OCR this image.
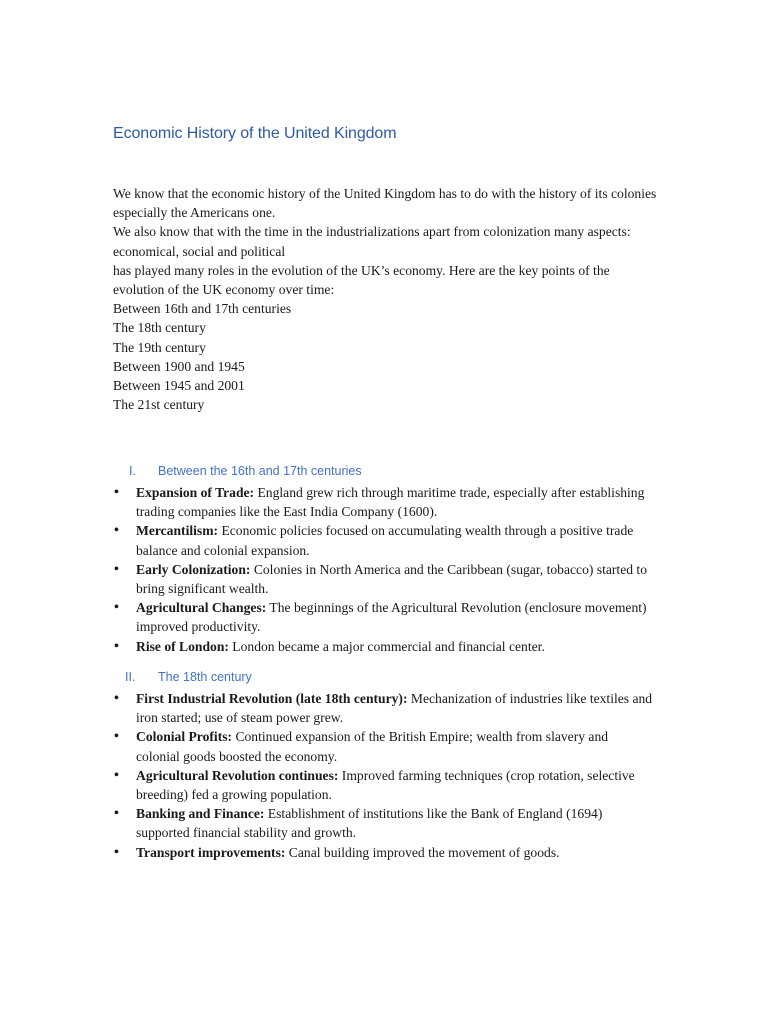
Economic History of the United Kingdom

We know that the economic history of the United Kingdom has to do with the history of its colonies especially the Americans one.

We also know that with the time in the industrializations apart from colonization many aspects: economical, social and political

has played many roles in the evolution of the UK’s economy. Here are the key points of the evolution of the UK economy over time:

Between 16th and 17th centuries
The 18th century
The 19th century
Between 1900 and 1945
Between 1945 and 2001
The 21st century
I. Between the 16th and 17th centuries
• Expansion of Trade: England grew rich through maritime trade, especially after establishing trading companies like the East India Company (1600).
• Mercantilism: Economic policies focused on accumulating wealth through a positive trade balance and colonial expansion.
• Early Colonization: Colonies in North America and the Caribbean (sugar, tobacco) started to bring significant wealth.
• Agricultural Changes: The beginnings of the Agricultural Revolution (enclosure movement) improved productivity.
• Rise of London: London became a major commercial and financial center.
II. The 18th century
• First Industrial Revolution (late 18th century): Mechanization of industries like textiles and iron started; use of steam power grew.
• Colonial Profits: Continued expansion of the British Empire; wealth from slavery and colonial goods boosted the economy.
• Agricultural Revolution continues: Improved farming techniques (crop rotation, selective breeding) fed a growing population.
• Banking and Finance: Establishment of institutions like the Bank of England (1694) supported financial stability and growth.
• Transport improvements: Canal building improved the movement of goods.
